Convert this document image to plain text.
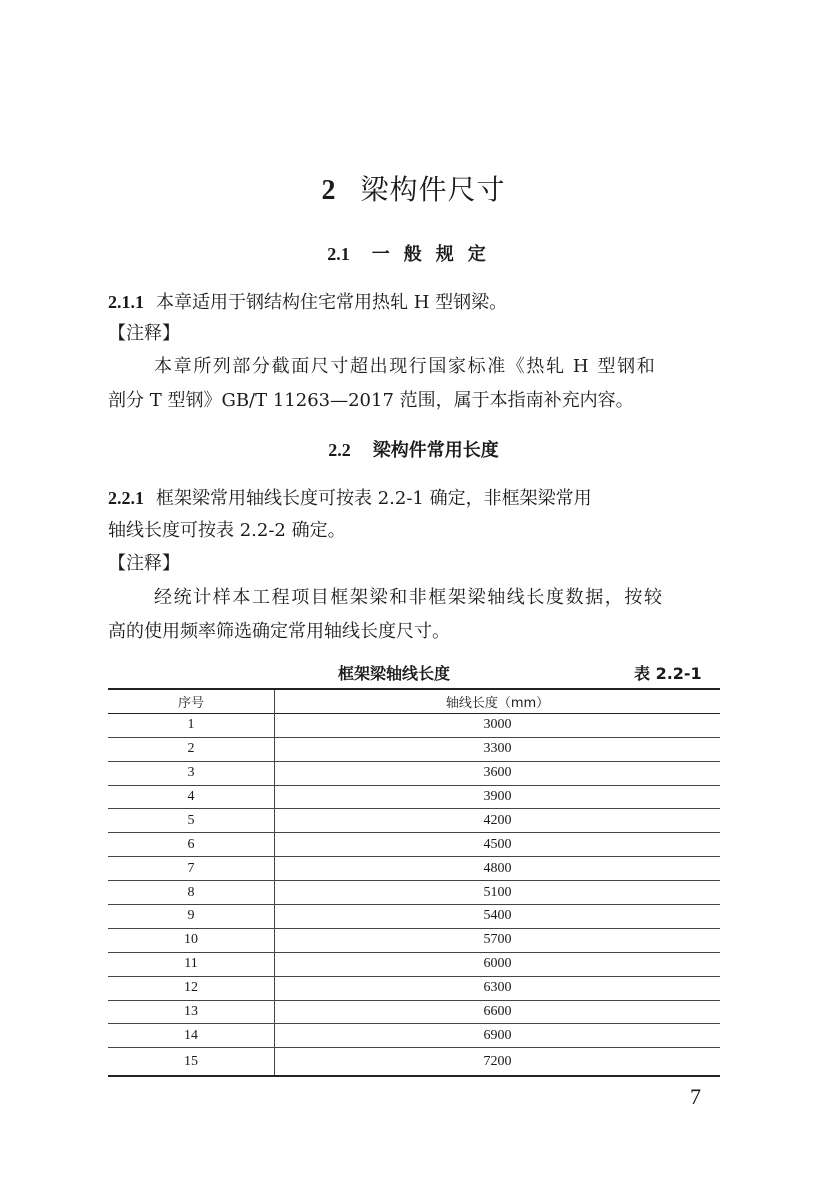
2 梁构件尺寸
2.1 一般规定
2.1.1 本章适用于钢结构住宅常用热轧 H 型钢梁。
【注释】
本章所列部分截面尺寸超出现行国家标准《热轧 H 型钢和
剖分 T 型钢》GB/T 11263—2017 范围，属于本指南补充内容。
2.2 梁构件常用长度
2.2.1 框架梁常用轴线长度可按表 2.2-1 确定，非框架梁常用
轴线长度可按表 2.2-2 确定。
【注释】
经统计样本工程项目框架梁和非框架梁轴线长度数据，按较
高的使用频率筛选确定常用轴线长度尺寸。
框架梁轴线长度	表 2.2-1
序号	轴线长度（mm）
1	3000
2	3300
3	3600
4	3900
5	4200
6	4500
7	4800
8	5100
9	5400
10	5700
11	6000
12	6300
13	6600
14	6900
15	7200
7
